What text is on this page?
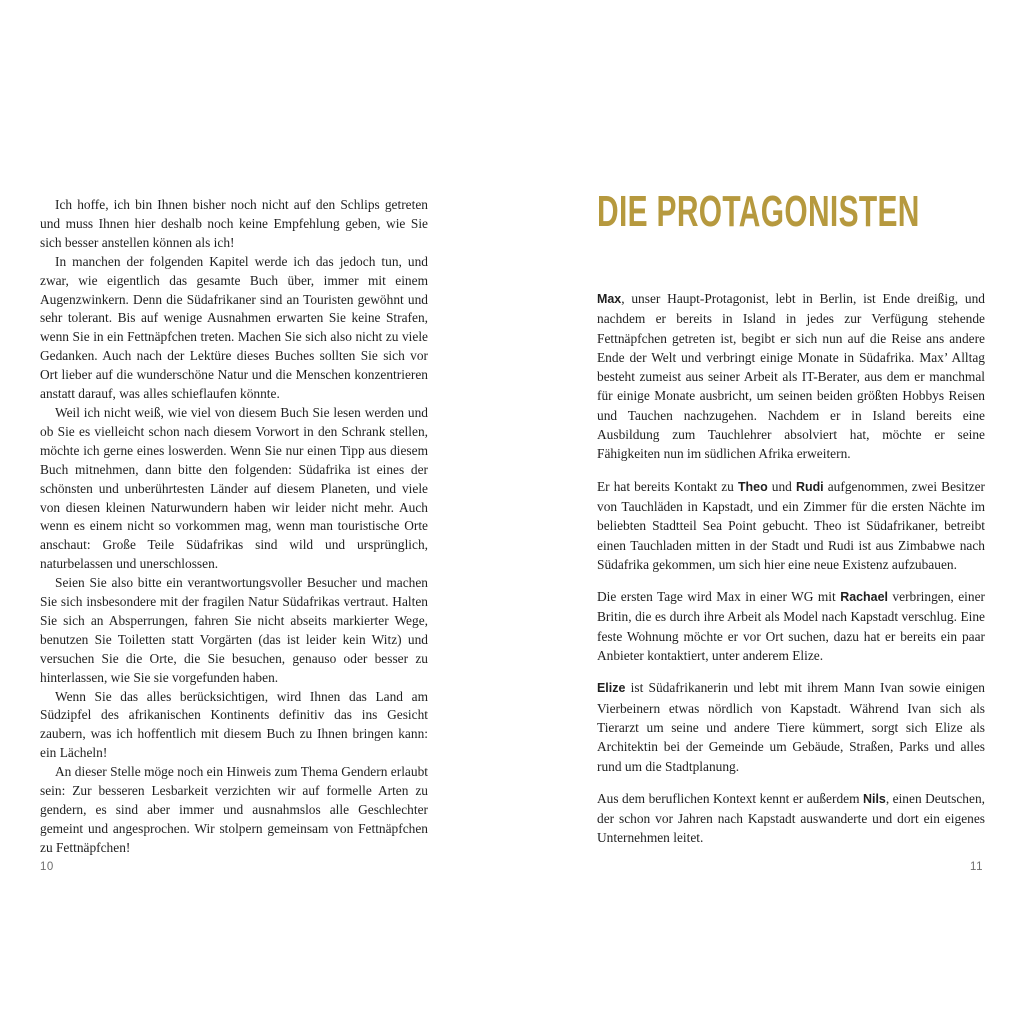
Ich hoffe, ich bin Ihnen bisher noch nicht auf den Schlips getreten und muss Ihnen hier deshalb noch keine Empfehlung geben, wie Sie sich besser anstellen können als ich!

In manchen der folgenden Kapitel werde ich das jedoch tun, und zwar, wie eigentlich das gesamte Buch über, immer mit einem Augenzwinkern. Denn die Südafrikaner sind an Touristen gewöhnt und sehr tolerant. Bis auf wenige Ausnahmen erwarten Sie keine Strafen, wenn Sie in ein Fettnäpfchen treten. Machen Sie sich also nicht zu viele Gedanken. Auch nach der Lektüre dieses Buches sollten Sie sich vor Ort lieber auf die wunderschöne Natur und die Menschen konzentrieren anstatt darauf, was alles schieflaufen könnte.

Weil ich nicht weiß, wie viel von diesem Buch Sie lesen werden und ob Sie es vielleicht schon nach diesem Vorwort in den Schrank stellen, möchte ich gerne eines loswerden. Wenn Sie nur einen Tipp aus diesem Buch mitnehmen, dann bitte den folgenden: Südafrika ist eines der schönsten und unberührtesten Länder auf diesem Planeten, und viele von diesen kleinen Naturwundern haben wir leider nicht mehr. Auch wenn es einem nicht so vorkommen mag, wenn man touristische Orte anschaut: Große Teile Südafrikas sind wild und ursprünglich, naturbelassen und unerschlossen.

Seien Sie also bitte ein verantwortungsvoller Besucher und machen Sie sich insbesondere mit der fragilen Natur Südafrikas vertraut. Halten Sie sich an Absperrungen, fahren Sie nicht abseits markierter Wege, benutzen Sie Toiletten statt Vorgärten (das ist leider kein Witz) und versuchen Sie die Orte, die Sie besuchen, genauso oder besser zu hinterlassen, wie Sie sie vorgefunden haben.

Wenn Sie das alles berücksichtigen, wird Ihnen das Land am Südzipfel des afrikanischen Kontinents definitiv das ins Gesicht zaubern, was ich hoffentlich mit diesem Buch zu Ihnen bringen kann: ein Lächeln!

An dieser Stelle möge noch ein Hinweis zum Thema Gendern erlaubt sein: Zur besseren Lesbarkeit verzichten wir auf formelle Arten zu gendern, es sind aber immer und ausnahmslos alle Geschlechter gemeint und angesprochen. Wir stolpern gemeinsam von Fettnäpfchen zu Fettnäpfchen!

10
DIE PROTAGONISTEN

Max, unser Haupt-Protagonist, lebt in Berlin, ist Ende dreißig, und nachdem er bereits in Island in jedes zur Verfügung stehende Fettnäpfchen getreten ist, begibt er sich nun auf die Reise ans andere Ende der Welt und verbringt einige Monate in Südafrika. Max’ Alltag besteht zumeist aus seiner Arbeit als IT-Berater, aus dem er manchmal für einige Monate ausbricht, um seinen beiden größten Hobbys Reisen und Tauchen nachzugehen. Nachdem er in Island bereits eine Ausbildung zum Tauchlehrer absolviert hat, möchte er seine Fähigkeiten nun im südlichen Afrika erweitern.

Er hat bereits Kontakt zu Theo und Rudi aufgenommen, zwei Besitzer von Tauchläden in Kapstadt, und ein Zimmer für die ersten Nächte im beliebten Stadtteil Sea Point gebucht. Theo ist Südafrikaner, betreibt einen Tauchladen mitten in der Stadt und Rudi ist aus Zimbabwe nach Südafrika gekommen, um sich hier eine neue Existenz aufzubauen.

Die ersten Tage wird Max in einer WG mit Rachael verbringen, einer Britin, die es durch ihre Arbeit als Model nach Kapstadt verschlug. Eine feste Wohnung möchte er vor Ort suchen, dazu hat er bereits ein paar Anbieter kontaktiert, unter anderem Elize.

Elize ist Südafrikanerin und lebt mit ihrem Mann Ivan sowie einigen Vierbeinern etwas nördlich von Kapstadt. Während Ivan sich als Tierarzt um seine und andere Tiere kümmert, sorgt sich Elize als Architektin bei der Gemeinde um Gebäude, Straßen, Parks und alles rund um die Stadtplanung.

Aus dem beruflichen Kontext kennt er außerdem Nils, einen Deutschen, der schon vor Jahren nach Kapstadt auswanderte und dort ein eigenes Unternehmen leitet.

11
